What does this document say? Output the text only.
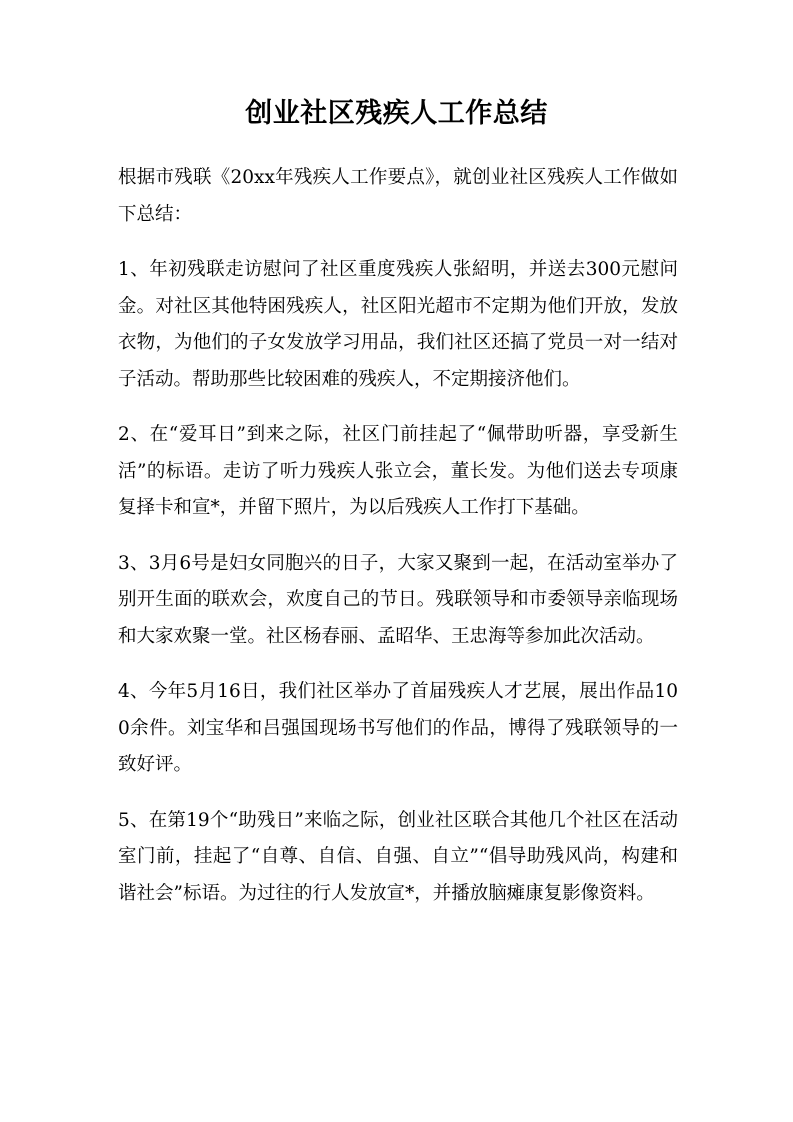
创业社区残疾人工作总结

根据市残联《20xx年残疾人工作要点》，就创业社区残疾人工作做如下总结：

1、年初残联走访慰问了社区重度残疾人张紹明，并送去300元慰问金。对社区其他特困残疾人，社区阳光超市不定期为他们开放，发放衣物，为他们的子女发放学习用品，我们社区还搞了党员一对一结对子活动。帮助那些比较困难的残疾人，不定期接济他们。

2、在“爱耳日”到来之际，社区门前挂起了“佩带助听器，享受新生活”的标语。走访了听力残疾人张立会，董长发。为他们送去专项康复择卡和宣*，并留下照片，为以后残疾人工作打下基础。

3、3月6号是妇女同胞兴的日子，大家又聚到一起，在活动室举办了别开生面的联欢会，欢度自己的节日。残联领导和市委领导亲临现场和大家欢聚一堂。社区杨春丽、孟昭华、王忠海等参加此次活动。

4、今年5月16日，我们社区举办了首届残疾人才艺展，展出作品100余件。刘宝华和吕强国现场书写他们的作品，博得了残联领导的一致好评。

5、在第19个“助残日”来临之际，创业社区联合其他几个社区在活动室门前，挂起了“自尊、自信、自强、自立”“倡导助残风尚，构建和谐社会”标语。为过往的行人发放宣*，并播放脑瘫康复影像资料。
